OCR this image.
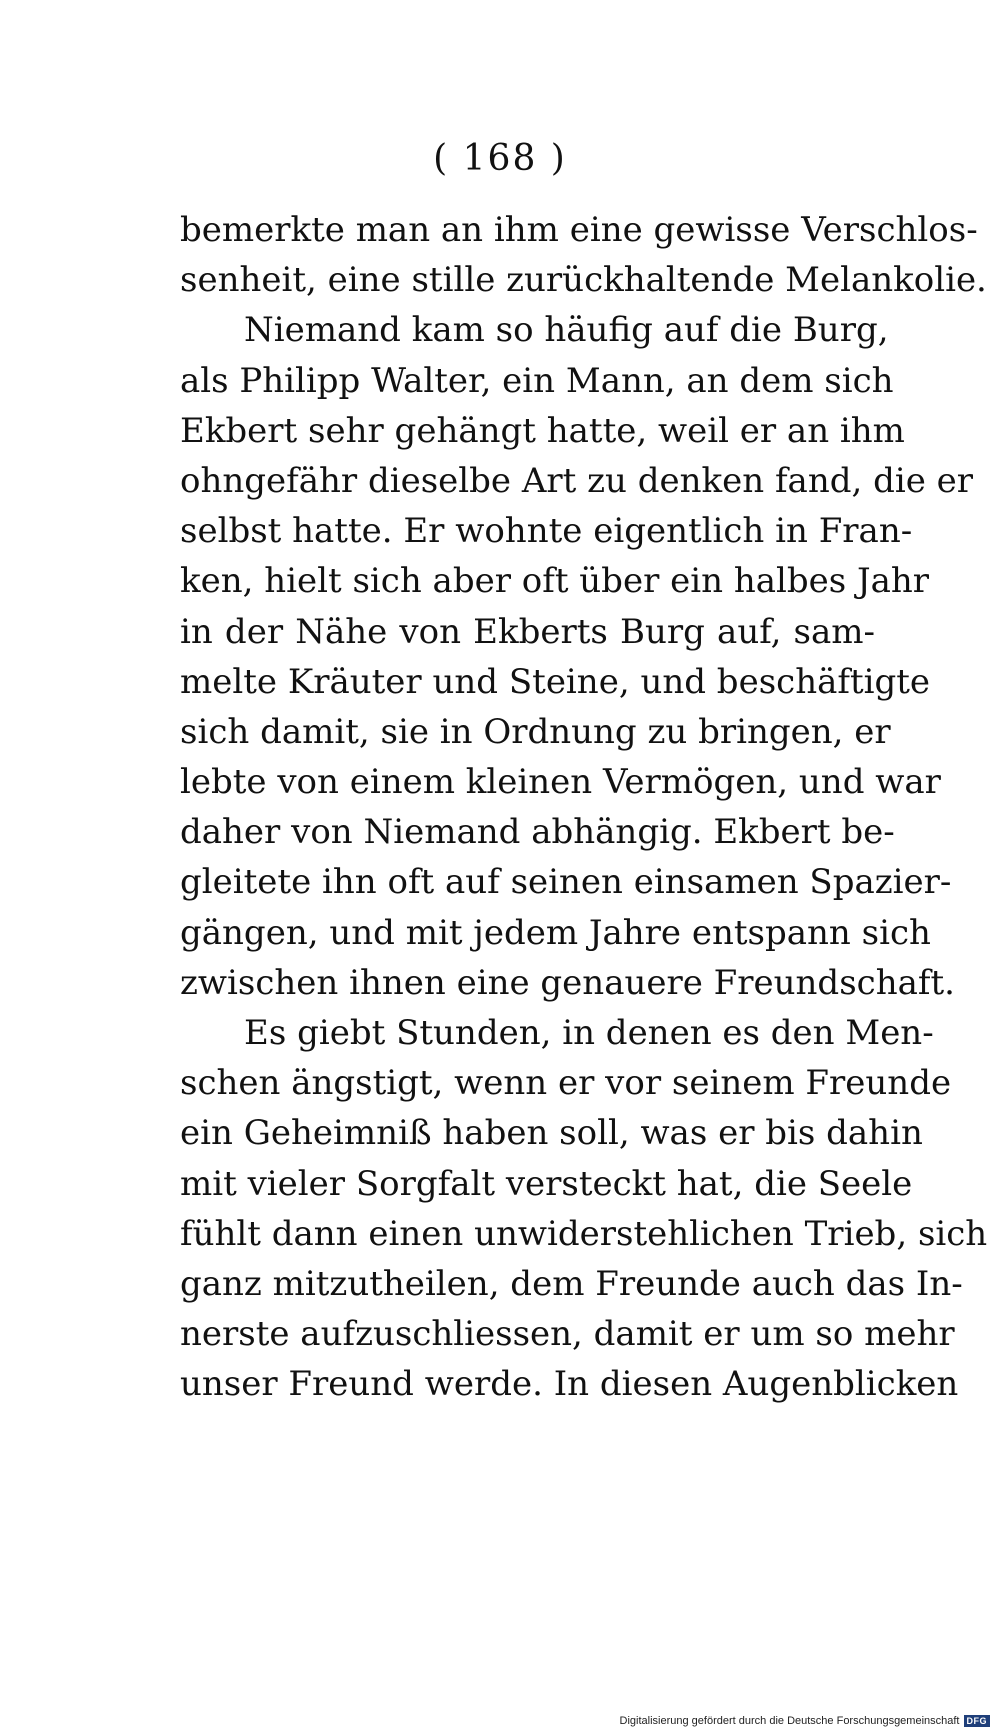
( 168 )
bemerkte man an ihm eine gewisse Verschlos-
senheit, eine stille zurückhaltende Melankolie.
Niemand kam so häufig auf die Burg,
als Philipp Walter, ein Mann, an dem sich
Ekbert sehr gehängt hatte, weil er an ihm
ohngefähr dieselbe Art zu denken fand, die er
selbst hatte. Er wohnte eigentlich in Fran-
ken, hielt sich aber oft über ein halbes Jahr
in der Nähe von Ekberts Burg auf, sam-
melte Kräuter und Steine, und beschäftigte
sich damit, sie in Ordnung zu bringen, er
lebte von einem kleinen Vermögen, und war
daher von Niemand abhängig. Ekbert be-
gleitete ihn oft auf seinen einsamen Spazier-
gängen, und mit jedem Jahre entspann sich
zwischen ihnen eine genauere Freundschaft.
Es giebt Stunden, in denen es den Men-
schen ängstigt, wenn er vor seinem Freunde
ein Geheimniß haben soll, was er bis dahin
mit vieler Sorgfalt versteckt hat, die Seele
fühlt dann einen unwiderstehlichen Trieb, sich
ganz mitzutheilen, dem Freunde auch das In-
nerste aufzuschliessen, damit er um so mehr
unser Freund werde. In diesen Augenblicken
Digitalisierung gefördert durch die Deutsche Forschungsgemeinschaft DFG
